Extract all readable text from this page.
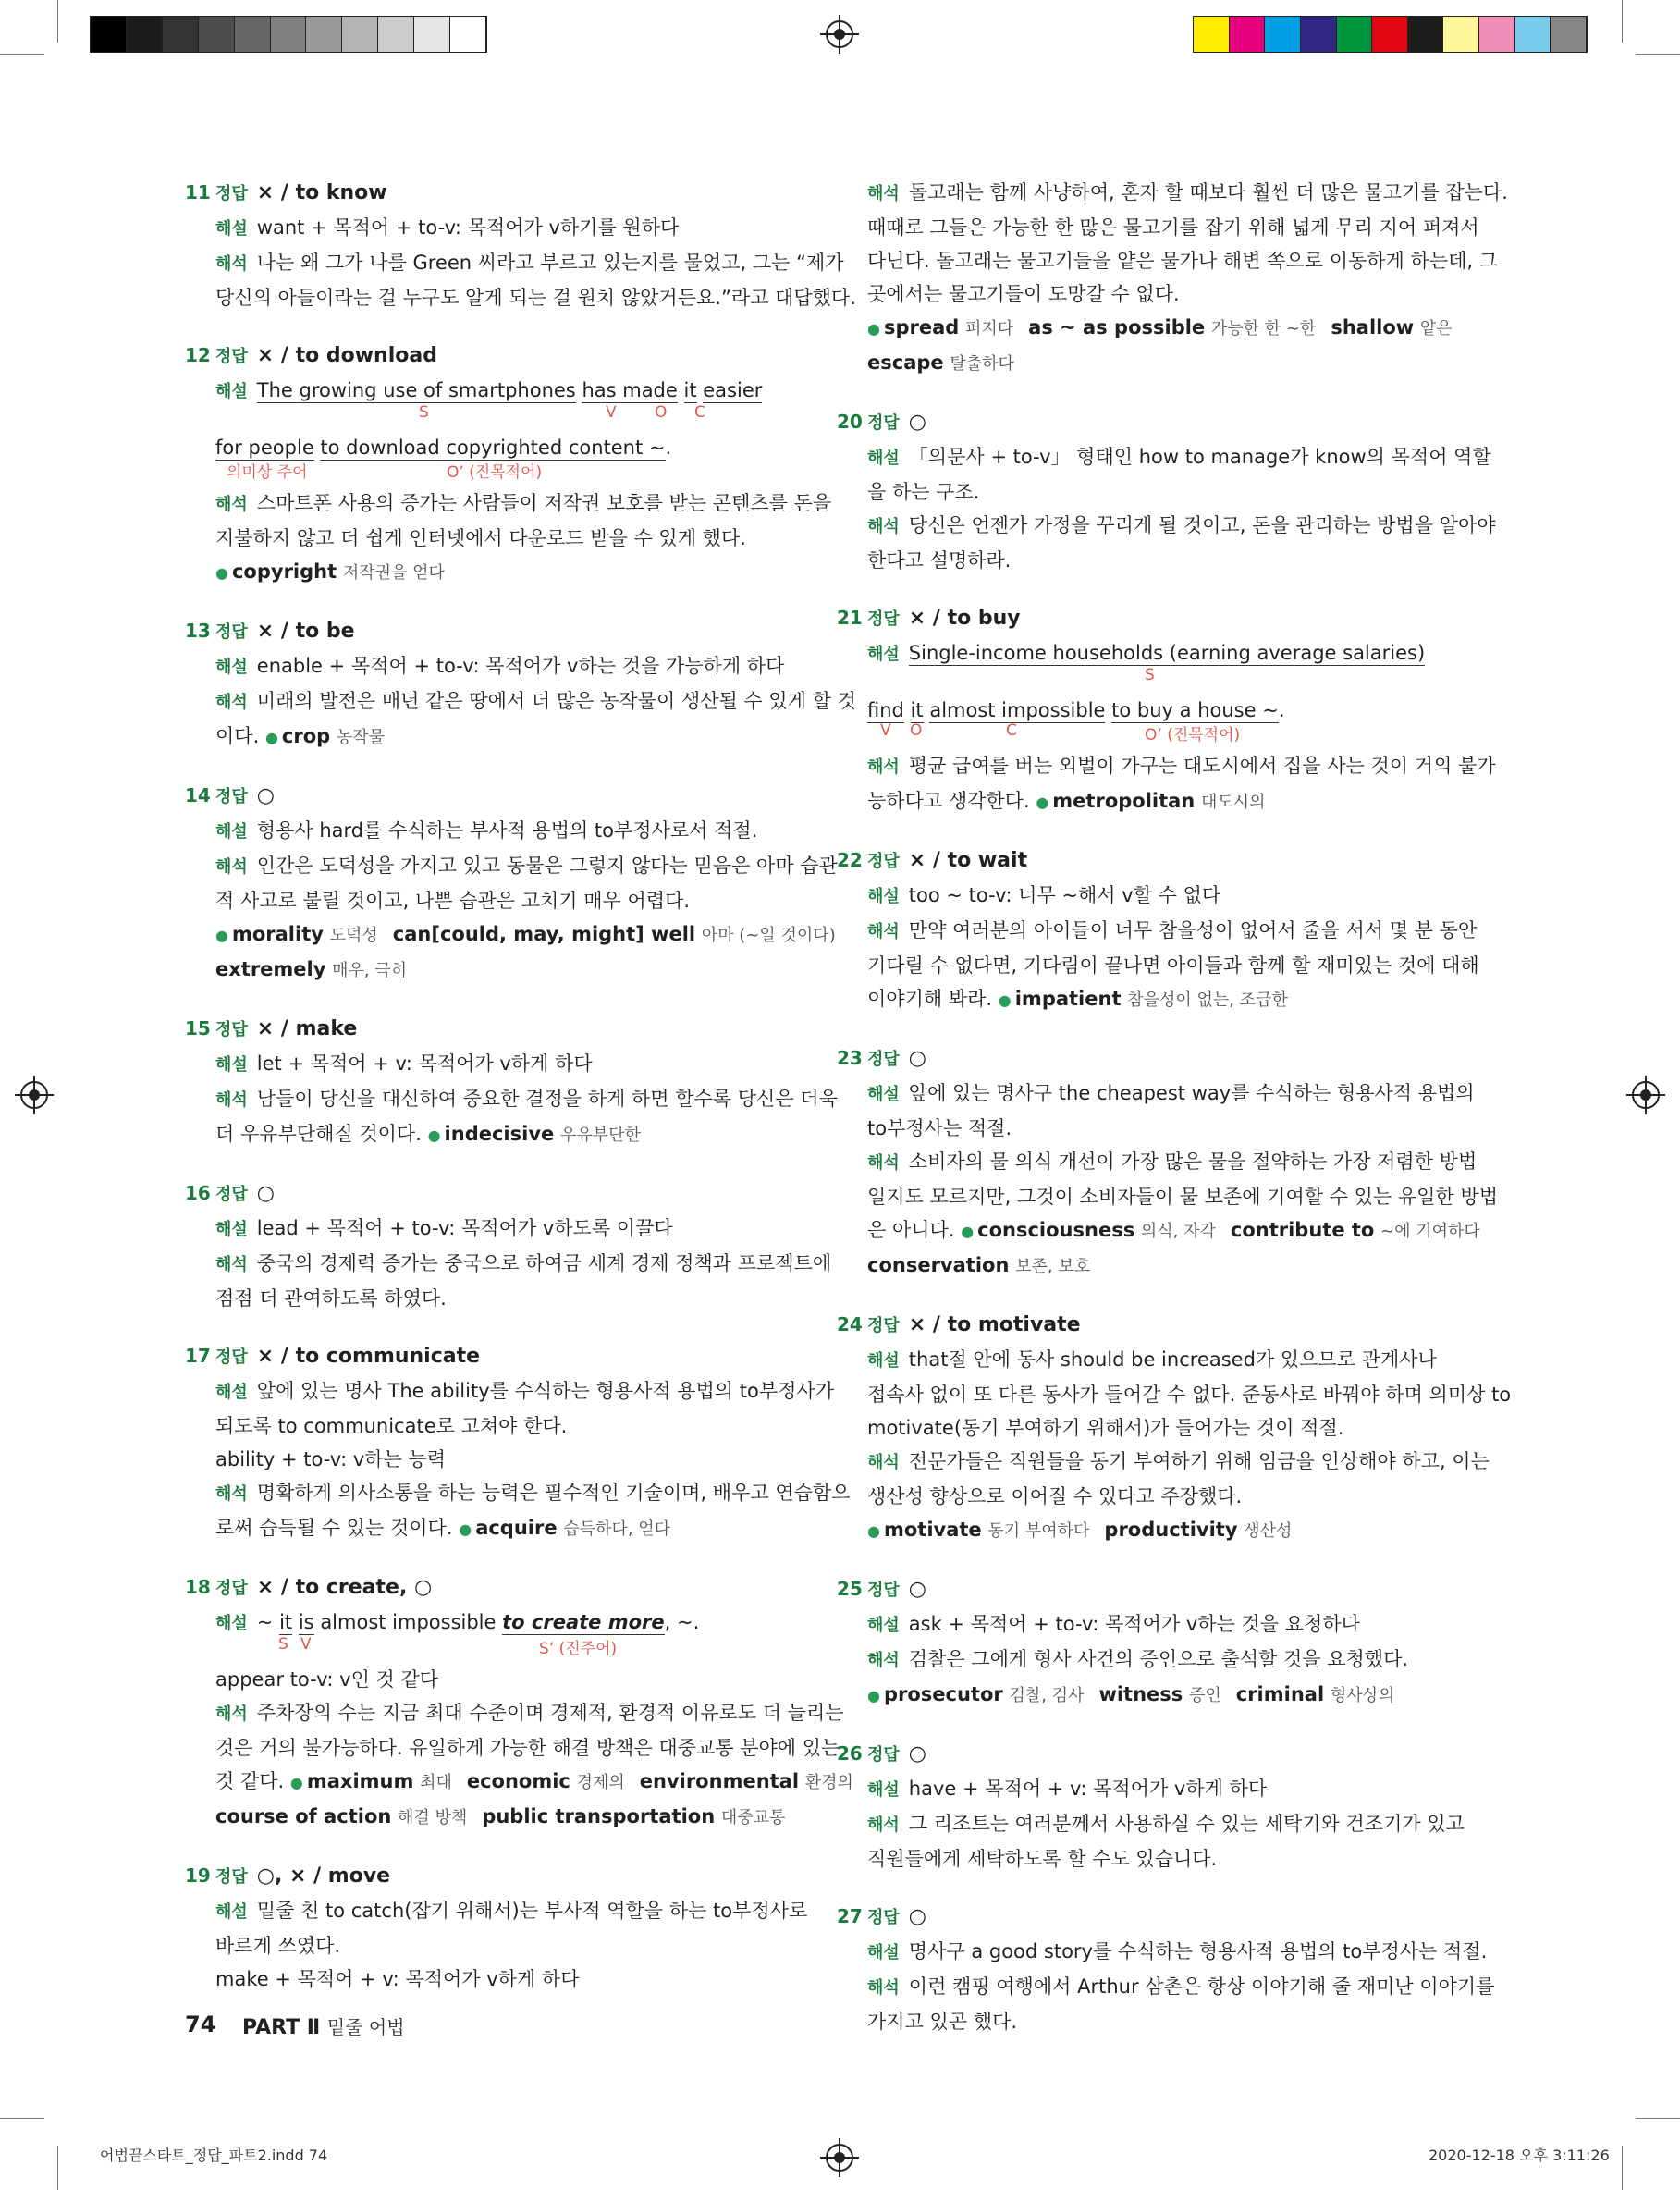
11 정답 × / to know
해설 want + 목적어 + to-v: 목적어가 v하기를 원하다
해석 나는 왜 그가 나를 Green 씨라고 부르고 있는지를 물었고, 그는 “제가
당신의 아들이라는 걸 누구도 알게 되는 걸 원치 않았거든요.”라고 대답했다.
12 정답 × / to download
해설 The growing use of smartphones has made it easier
S	V O C
for people to download copyrighted content ~.
의미상 주어	O’ (진목적어)
해석 스마트폰 사용의 증가는 사람들이 저작권 보호를 받는 콘텐츠를 돈을
지불하지 않고 더 쉽게 인터넷에서 다운로드 받을 수 있게 했다.
● copyright 저작권을 얻다
13 정답 × / to be
해설 enable + 목적어 + to-v: 목적어가 v하는 것을 가능하게 하다
해석 미래의 발전은 매년 같은 땅에서 더 많은 농작물이 생산될 수 있게 할 것
이다. ● crop 농작물
14 정답 ○
해설 형용사 hard를 수식하는 부사적 용법의 to부정사로서 적절.
해석 인간은 도덕성을 가지고 있고 동물은 그렇지 않다는 믿음은 아마 습관
적 사고로 불릴 것이고, 나쁜 습관은 고치기 매우 어렵다.
● morality 도덕성 can[could, may, might] well 아마 (~일 것이다)
extremely 매우, 극히
15 정답 × / make
해설 let + 목적어 + v: 목적어가 v하게 하다
해석 남들이 당신을 대신하여 중요한 결정을 하게 하면 할수록 당신은 더욱
더 우유부단해질 것이다. ● indecisive 우유부단한
16 정답 ○
해설 lead + 목적어 + to-v: 목적어가 v하도록 이끌다
해석 중국의 경제력 증가는 중국으로 하여금 세계 경제 정책과 프로젝트에
점점 더 관여하도록 하였다.
17 정답 × / to communicate
해설 앞에 있는 명사 The ability를 수식하는 형용사적 용법의 to부정사가
되도록 to communicate로 고쳐야 한다.
ability + to-v: v하는 능력
해석 명확하게 의사소통을 하는 능력은 필수적인 기술이며, 배우고 연습함으
로써 습득될 수 있는 것이다. ● acquire 습득하다, 얻다
18 정답 × / to create, ○
해설 ~ it is almost impossible to create more, ~.
S V	S’ (진주어)
appear to-v: v인 것 같다
해석 주차장의 수는 지금 최대 수준이며 경제적, 환경적 이유로도 더 늘리는
것은 거의 불가능하다. 유일하게 가능한 해결 방책은 대중교통 분야에 있는
것 같다. ● maximum 최대 economic 경제의 environmental 환경의
course of action 해결 방책 public transportation 대중교통
19 정답 ○, × / move
해설 밑줄 친 to catch(잡기 위해서)는 부사적 역할을 하는 to부정사로
바르게 쓰였다.
make + 목적어 + v: 목적어가 v하게 하다
해석 돌고래는 함께 사냥하여, 혼자 할 때보다 훨씬 더 많은 물고기를 잡는다.
때때로 그들은 가능한 한 많은 물고기를 잡기 위해 넓게 무리 지어 퍼져서
다닌다. 돌고래는 물고기들을 얕은 물가나 해변 쪽으로 이동하게 하는데, 그
곳에서는 물고기들이 도망갈 수 없다.
● spread 퍼지다 as ~ as possible 가능한 한 ~한 shallow 얕은
escape 탈출하다
20 정답 ○
해설 「의문사 + to-v」 형태인 how to manage가 know의 목적어 역할
을 하는 구조.
해석 당신은 언젠가 가정을 꾸리게 될 것이고, 돈을 관리하는 방법을 알아야
한다고 설명하라.
21 정답 × / to buy
해설 Single-income households (earning average salaries)
S
find it almost impossible to buy a house ~.
V O	C	O’ (진목적어)
해석 평균 급여를 버는 외벌이 가구는 대도시에서 집을 사는 것이 거의 불가
능하다고 생각한다. ● metropolitan 대도시의
22 정답 × / to wait
해설 too ~ to-v: 너무 ~해서 v할 수 없다
해석 만약 여러분의 아이들이 너무 참을성이 없어서 줄을 서서 몇 분 동안
기다릴 수 없다면, 기다림이 끝나면 아이들과 함께 할 재미있는 것에 대해
이야기해 봐라. ● impatient 참을성이 없는, 조급한
23 정답 ○
해설 앞에 있는 명사구 the cheapest way를 수식하는 형용사적 용법의
to부정사는 적절.
해석 소비자의 물 의식 개선이 가장 많은 물을 절약하는 가장 저렴한 방법
일지도 모르지만, 그것이 소비자들이 물 보존에 기여할 수 있는 유일한 방법
은 아니다. ● consciousness 의식, 자각 contribute to ~에 기여하다
conservation 보존, 보호
24 정답 × / to motivate
해설 that절 안에 동사 should be increased가 있으므로 관계사나
접속사 없이 또 다른 동사가 들어갈 수 없다. 준동사로 바꿔야 하며 의미상 to
motivate(동기 부여하기 위해서)가 들어가는 것이 적절.
해석 전문가들은 직원들을 동기 부여하기 위해 임금을 인상해야 하고, 이는
생산성 향상으로 이어질 수 있다고 주장했다.
● motivate 동기 부여하다 productivity 생산성
25 정답 ○
해설 ask + 목적어 + to-v: 목적어가 v하는 것을 요청하다
해석 검찰은 그에게 형사 사건의 증인으로 출석할 것을 요청했다.
● prosecutor 검찰, 검사 witness 증인 criminal 형사상의
26 정답 ○
해설 have + 목적어 + v: 목적어가 v하게 하다
해석 그 리조트는 여러분께서 사용하실 수 있는 세탁기와 건조기가 있고
직원들에게 세탁하도록 할 수도 있습니다.
27 정답 ○
해설 명사구 a good story를 수식하는 형용사적 용법의 to부정사는 적절.
해석 이런 캠핑 여행에서 Arthur 삼촌은 항상 이야기해 줄 재미난 이야기를
가지고 있곤 했다.
74 PART Ⅱ 밑줄 어법
어법끝스타트_정답_파트2.indd 74	2020-12-18 오후 3:11:26
